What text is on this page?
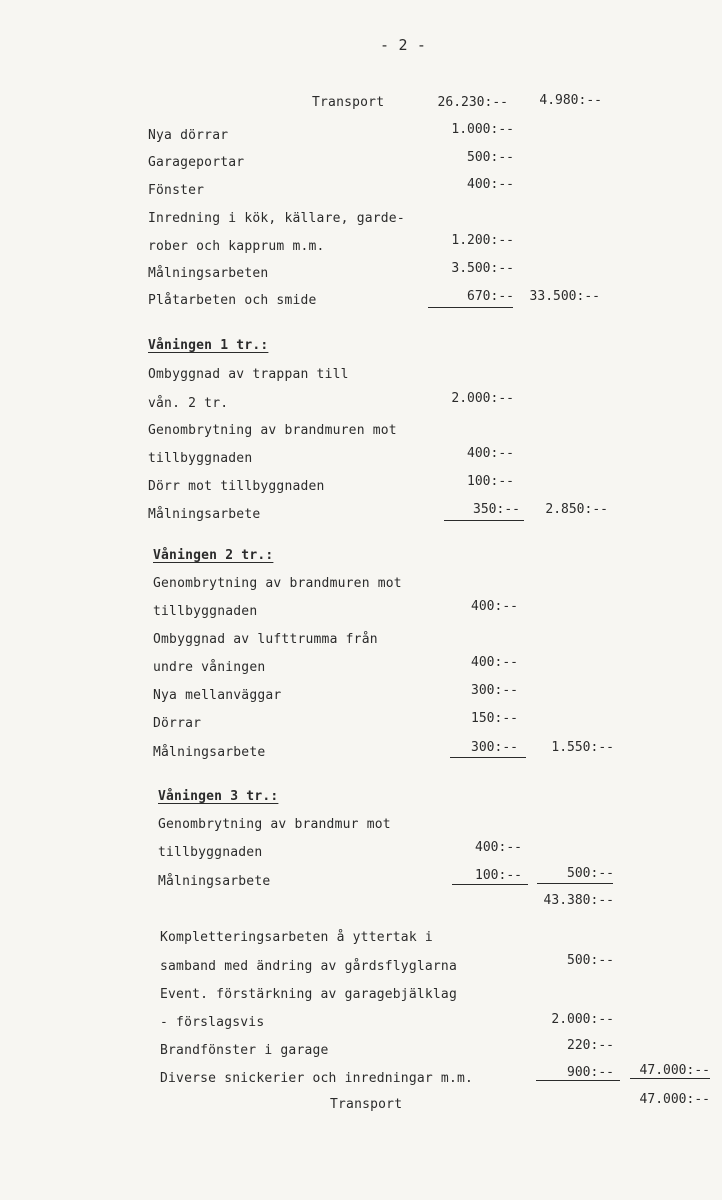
- 2 -
Transport	26.230:--	4.980:--
Nya dörrar	1.000:--
Garageportar	500:--
Fönster	400:--
Inredning i kök, källare, garde-
rober och kapprum m.m.	1.200:--
Målningsarbeten	3.500:--
Plåtarbeten och smide	670:--	33.500:--
Våningen 1 tr.:
Ombyggnad av trappan till
vån. 2 tr.	2.000:--
Genombrytning av brandmuren mot
tillbyggnaden	400:--
Dörr mot tillbyggnaden	100:--
Målningsarbete	350:--	2.850:--
Våningen 2 tr.:
Genombrytning av brandmuren mot
tillbyggnaden	400:--
Ombyggnad av lufttrumma från
undre våningen	400:--
Nya mellanväggar	300:--
Dörrar	150:--
Målningsarbete	300:--	1.550:--
Våningen 3 tr.:
Genombrytning av brandmur mot
tillbyggnaden	400:--
Målningsarbete	100:--	500:--
43.380:--
Kompletteringsarbeten å yttertak i
samband med ändring av gårdsflyglarna	500:--
Event. förstärkning av garagebjälklag
- förslagsvis	2.000:--
Brandfönster i garage	220:--
Diverse snickerier och inredningar m.m.	900:--	47.000:--
Transport	47.000:--
